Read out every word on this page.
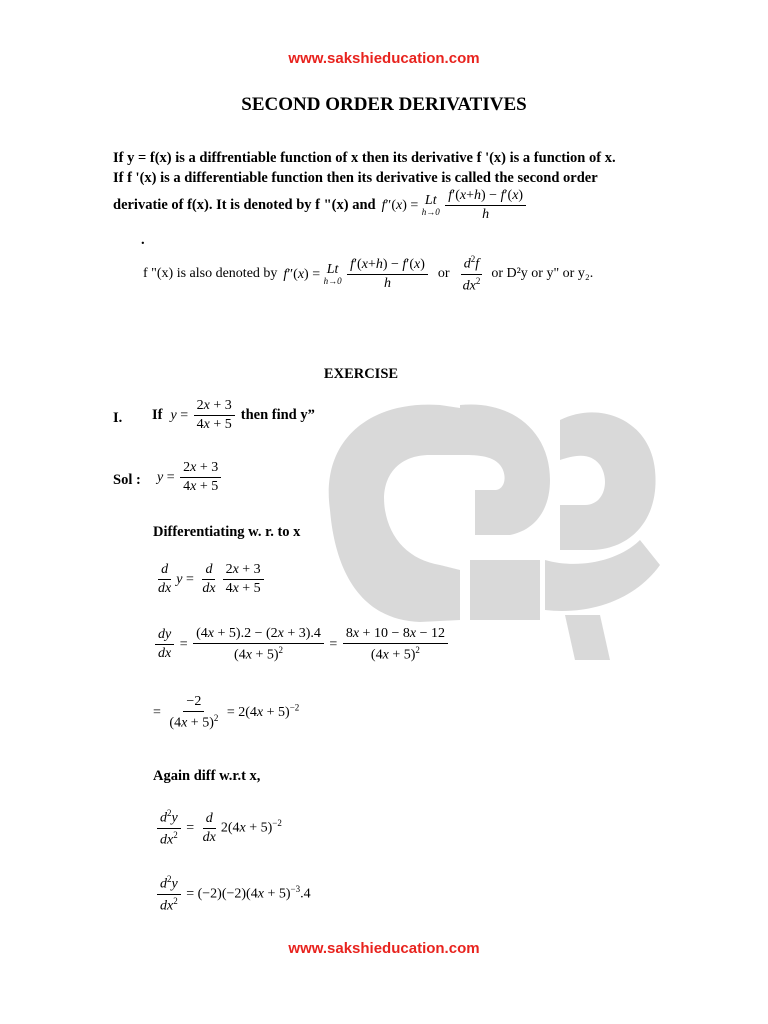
www.sakshieducation.com
SECOND ORDER DERIVATIVES
If y = f(x) is a diffrentiable function of x then its derivative f '(x) is a function of x.
If f '(x) is a differentiable function then its derivative is called the second order
derivatie of f(x). It is denoted by f "(x) and f″(x) = Lt
h→0
$\frac{f'(x+h) - f'(x)}{h}$
.
f "(x) is also denoted by f″(x) = Lt
h→0
$\frac{f'(x+h) - f'(x)}{h}$ or $\frac{d^2f}{dx^2}$ or D²y or y" or y₂.
EXERCISE
I. If $y = \frac{2x + 3}{4x + 5}$ then find y”
Sol : $y = \frac{2x + 3}{4x + 5}$
Differentiating w. r. to x
$\frac{d}{dx}$ $y = \frac{d}{dx} \frac{2x + 3}{4x + 5}$
$\frac{dy}{dx} = \frac{(4x + 5).2 - (2x + 3).4}{(4x + 5)^2} = \frac{8x + 10 - 8x - 12}{(4x + 5)^2}$
= $\frac{-2}{(4x + 5)^2} = 2(4x + 5)^{-2}$
Again diff w.r.t x,
$\frac{d^2y}{dx^2} = \frac{d}{dx} 2(4x + 5)^{-2}$
$\frac{d^2y}{dx^2} = (-2)(-2)(4x + 5)^{-3}.4$
www.sakshieducation.com
